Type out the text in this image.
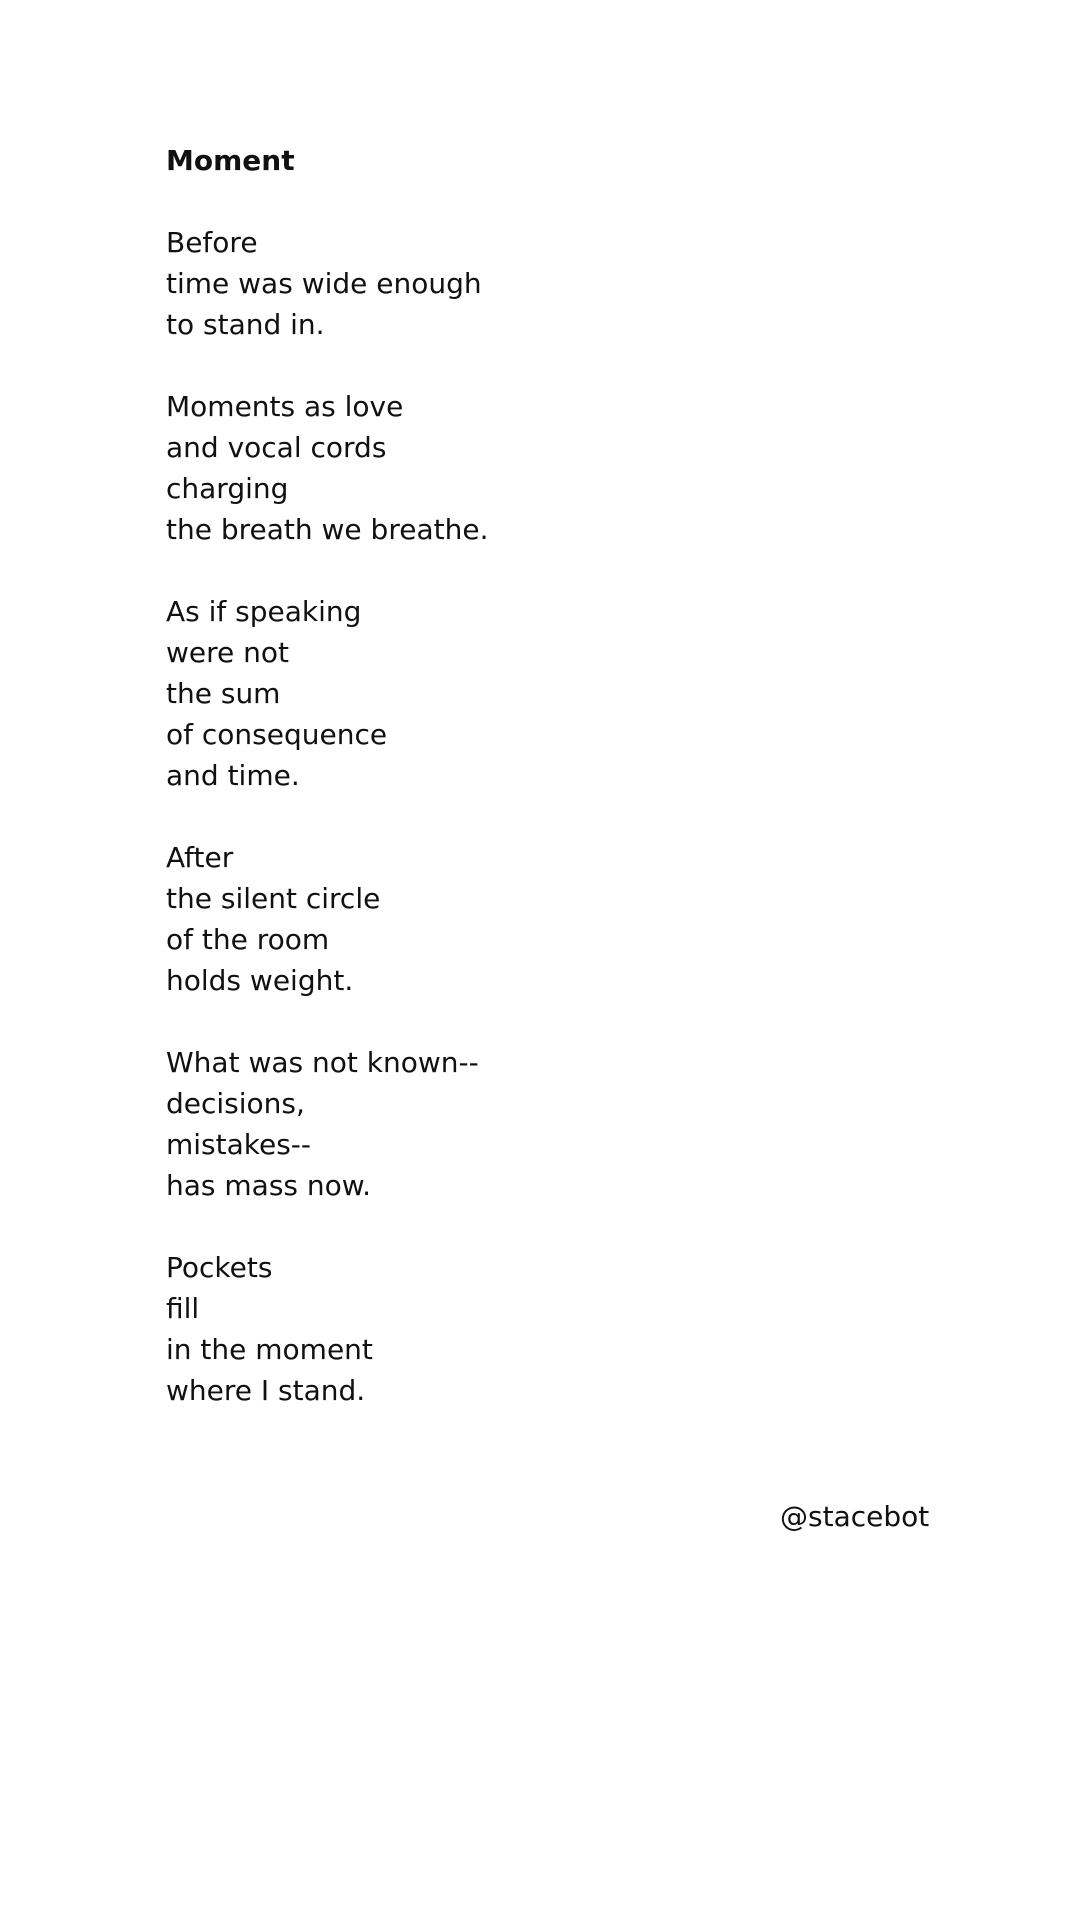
Moment
Before
time was wide enough
to stand in.
Moments as love
and vocal cords
charging
the breath we breathe.
As if speaking
were not
the sum
of consequence
and time.
After
the silent circle
of the room
holds weight.
What was not known--
decisions,
mistakes--
has mass now.
Pockets
fill
in the moment
where I stand.
@stacebot
